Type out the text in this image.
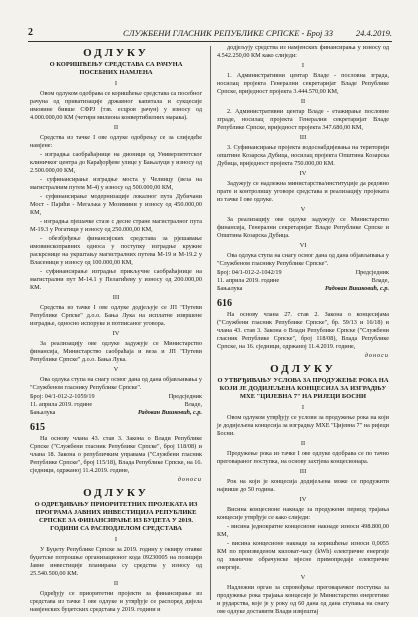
2	СЛУЖБЕНИ ГЛАСНИК РЕПУБЛИКЕ СРПСКЕ - Број 33	24.4.2019.
ОДЛУКУ
О КОРИШЋЕЊУ СРЕДСТАВА СА РАЧУНА ПОСЕБНИХ НАМЈЕНА
I

Овом одлуком одобрава се коришћење средстава са посебног рачуна од приватизације државног капитала и сукцесије имовине бивше СФРЈ (тзв. есцров рачун) у износу од 4.000.000,00 КМ (четири милиона конвертибилних марака).

II

Средства из тачке I ове одлуке одобрењу се за слиједеће намјене:

- изградња саобраћајнице на дионици од Универзитетског клиничког центра до Карађорђеве улице у Бањалуци у износу од 2.500.000,00 КМ,

- суфинансирање изградње моста у Челинцу (веза на магистралним путем М-4) у износу од 500.000,00 КМ,

- суфинансирање модернизације локалног пута Дубичани Мост - Пајићи - Мегаљка у Мозимини у износу од 450.000,00 КМ,

- изградња пјешачке стазе с десне стране магистралног пута М-19.3 у Рогатици у износу од 250.000,00 КМ,

- обезбјеђење финансијских средстава за рјешавање имовинскоправних односа у поступку изградње кружне раскрснице на укрштању магистралних путева М-19 и М-19.2 у Власеници у износу од 100.000,00 КМ,

- суфинансирање изградње прикључне саобраћајнице на магистрални пут М-14.1 у Пелагићеву у износу од 200.000,00 КМ.

III

Средства из тачке I ове одлуке додјељује се ЈП "Путеви Републике Српске" д.о.о. Бања Лука на исплатне извршене изградње, односно испоруке и потписаног уговора.

IV

За реализацију ове одлуке задужује се Министарство финансија, Министарство саобраћаја и веза и ЈП "Путеви Републике Српске" д.о.о. Бања Лука.

V

Ова одлука ступа на снагу осмог дана од дана објављивања у "Службеном гласнику Републике Српске".

Број: 04/1-012-2-1059/19
11. априла 2019. године
Бањалука
Предсједник
Владе,
Радован Вишковић, с.р.
615

На основу члана 43. став 3. Закона о Влади Републике Српске ("Службени гласник Републике Српске", број 118/08) и члана 18. Закона о републичким управама ("Службени гласник Републике Српске", број 115/18), Влада Републике Српске, на 16. сједници, одржаној 11.4.2019. године,

доноси

ОДЛУКУ
О ОДРЕЂИВАЊУ ПРИОРИТЕТНИХ ПРОЈЕКАТА ИЗ ПРОГРАМА ЈАВНИХ ИНВЕСТИЦИЈА РЕПУБЛИКЕ СРПСКЕ ЗА ФИНАНСИРАЊЕ ИЗ БУЏЕТА У 2019. ГОДИНИ СА РАСПОДЈЕЛОМ СРЕДСТАВА
I

У Буџету Републике Српске за 2019. годину у оквиру отавке буџетске потрошње организационог кода 09230005 на позицији Јавне инвестиције планирана су средства у износу од 25.540.500,00 КМ.

II

Одређују се приоритетни пројекти за финансирање из средстава из тачке I ове одлуке и утврђује се распоред дијела намјенских буџетских средстава у 2019. години и

додјељују средства из намјенских финансирања у износу од 4.542.250,00 КМ како слиједи:

I

1. Административни центар Владе - пословна зграда, носилац пројекта Генерални секретаријат Владе Републике Српске, вриједност пројекта 3.444.570,00 КМ,

II

2. Административни центар Владе - етажирање пословне зграде, носилац пројекта Генерални секретаријат Владе Републике Српске, вриједност пројекта 347.680,00 КМ,

III

3. Суфинансирање пројекта водоснабдијевања на територији општине Козарска Дубица, носилац пројекта Општина Козарска Дубица, вриједност пројекта 750.000,00 КМ.

IV

Задужују се надлежна министарства/институције да редовно прате и контролишу уговоре средстава и реализацију пројеката из тачке I ове одлуке.

V

За реализацију ове одлуке задужују се Министарство финансија, Генерални секретаријат Владе Републике Српске и Општина Козарска Дубица.

VI

Ова одлука ступа на снагу осмог дана од дана објављивања у "Службеном гласнику Републике Српске".

Број: 04/1-012-2-1042/19
11. априла 2019. године
Бањалука
Предсједник
Владе,
Радован Вишковић, с.р.
616

На основу члана 27. став 2. Закона о концесијама ("Службени гласник Републике Српске", бр. 59/13 и 16/18) и члана 43. став 3. Закона о Влади Републике Српске ("Службени гласник Републике Српске", број 118/08), Влада Републике Српске, на 16. сједници, одржаној 11.4.2019. године,

доноси

ОДЛУКУ
О УТВРЂИВАЊУ УСЛОВА ЗА ПРОДУЖЕЊЕ РОКА НА КОЈИ ЈЕ ДОДИЈЕЉЕНА КОНЦЕСИЈА ЗА ИЗГРАДЊУ МХЕ "ЦИЈЕВНА 7" НА РИЈЕЦИ БОСНИ
I

Овом одлуком утврђују се услови за продужење рока на који је додијељена концесија за изградњу МХЕ "Цијевна 7" на ријеци Босни.

II

Продужење рока из тачке I ове одлуке одобрава се по тачно преговараног поступка, на основу захтјева концесионара.

III

Рок на који је концесија додијељена може се продужити највише до 50 година.

IV

Висина концесионе накнаде за продужени период трајања концесије утврђује се како слиједи:

- висина једнократне концесионе накнаде износи 498.800,00 КМ,

- висина концесионе накнаде за коришћење износи 0,0055 КМ по произведеном киловат-часу (kWh) електричне енергије од званичне обрачунске мјесне примопредаје електричне енергије.

V

Надлежни орган за спровођење преговарачког поступка за продужење рока трајања концесије је Министарство енергетике и рударства, које је у року од 60 дана од дана ступања на снагу ове одлуке доставити Влади извјештај
